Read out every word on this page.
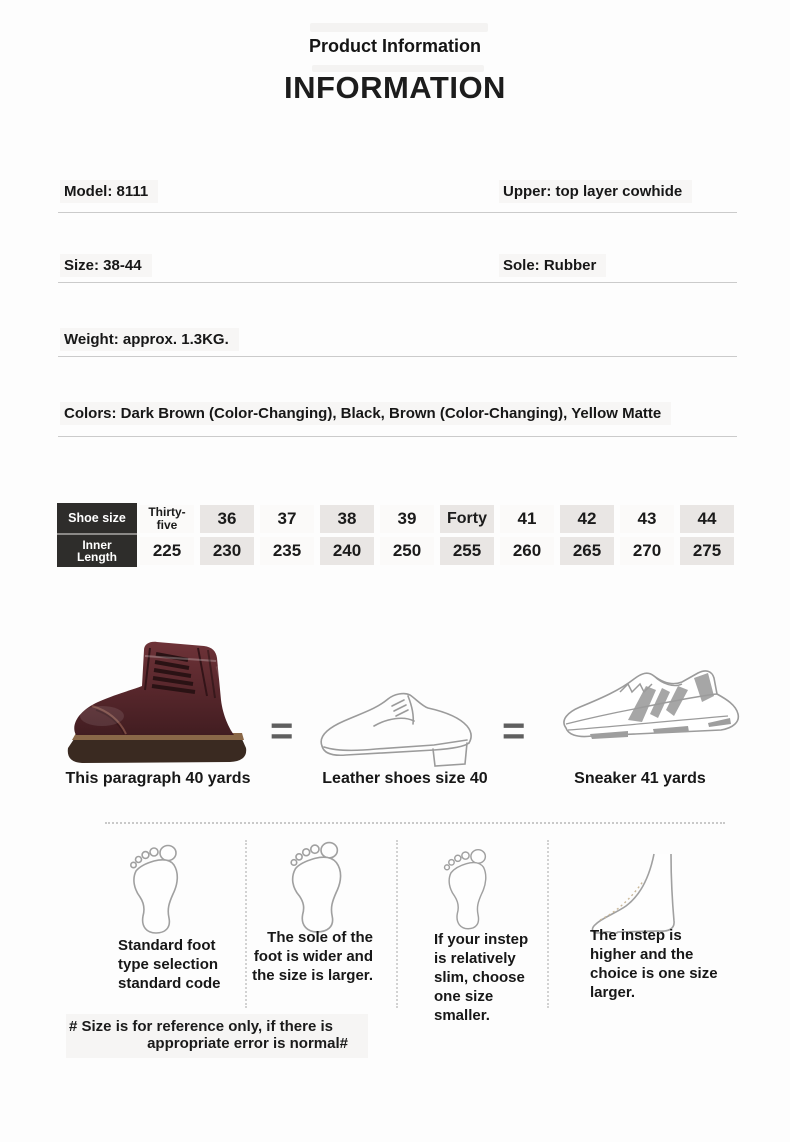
Product Information
INFORMATION
Model: 8111	Upper: top layer cowhide
Size: 38-44	Sole: Rubber
Weight: approx. 1.3KG.
Colors: Dark Brown (Color-Changing), Black, Brown (Color-Changing), Yellow Matte
Shoe size	Thirty-five	36	37	38	39	Forty	41	42	43	44
Inner Length	225	230	235	240	250	255	260	265	270	275
=	=
This paragraph 40 yards	Leather shoes size 40	Sneaker 41 yards
Standard foot type selection standard code
The sole of the foot is wider and the size is larger.
If your instep is relatively slim, choose one size smaller.
The instep is higher and the choice is one size larger.
# Size is for reference only, if there is
appropriate error is normal#
